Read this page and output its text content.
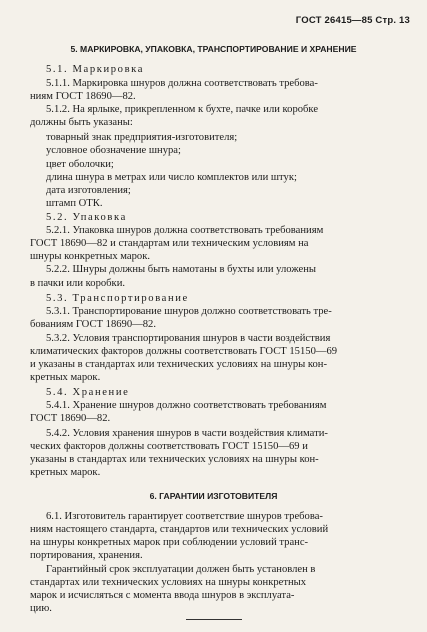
ГОСТ 26415—85 Стр. 13
5. МАРКИРОВКА, УПАКОВКА, ТРАНСПОРТИРОВАНИЕ И ХРАНЕНИЕ
5.1. Маркировка
5.1.1. Маркировка шнуров должна соответствовать требова-
ниям ГОСТ 18690—82.
5.1.2. На ярлыке, прикрепленном к бухте, пачке или коробке
должны быть указаны:
товарный знак предприятия-изготовителя;
условное обозначение шнура;
цвет оболочки;
длина шнура в метрах или число комплектов или штук;
дата изготовления;
штамп ОТК.
5.2. Упаковка
5.2.1. Упаковка шнуров должна соответствовать требованиям
ГОСТ 18690—82 и стандартам или техническим условиям на
шнуры конкретных марок.
5.2.2. Шнуры должны быть намотаны в бухты или уложены
в пачки или коробки.
5.3. Транспортирование
5.3.1. Транспортирование шнуров должно соответствовать тре-
бованиям ГОСТ 18690—82.
5.3.2. Условия транспортирования шнуров в части воздействия
климатических факторов должны соответствовать ГОСТ 15150—69
и указаны в стандартах или технических условиях на шнуры кон-
кретных марок.
5.4. Хранение
5.4.1. Хранение шнуров должно соответствовать требованиям
ГОСТ 18690—82.
5.4.2. Условия хранения шнуров в части воздействия климати-
ческих факторов должны соответствовать ГОСТ 15150—69 и
указаны в стандартах или технических условиях на шнуры кон-
кретных марок.
6. ГАРАНТИИ ИЗГОТОВИТЕЛЯ
6.1. Изготовитель гарантирует соответствие шнуров требова-
ниям настоящего стандарта, стандартов или технических условий
на шнуры конкретных марок при соблюдении условий транс-
портирования, хранения.
Гарантийный срок эксплуатации должен быть установлен в
стандартах или технических условиях на шнуры конкретных
марок и исчисляться с момента ввода шнуров в эксплуата-
цию.
